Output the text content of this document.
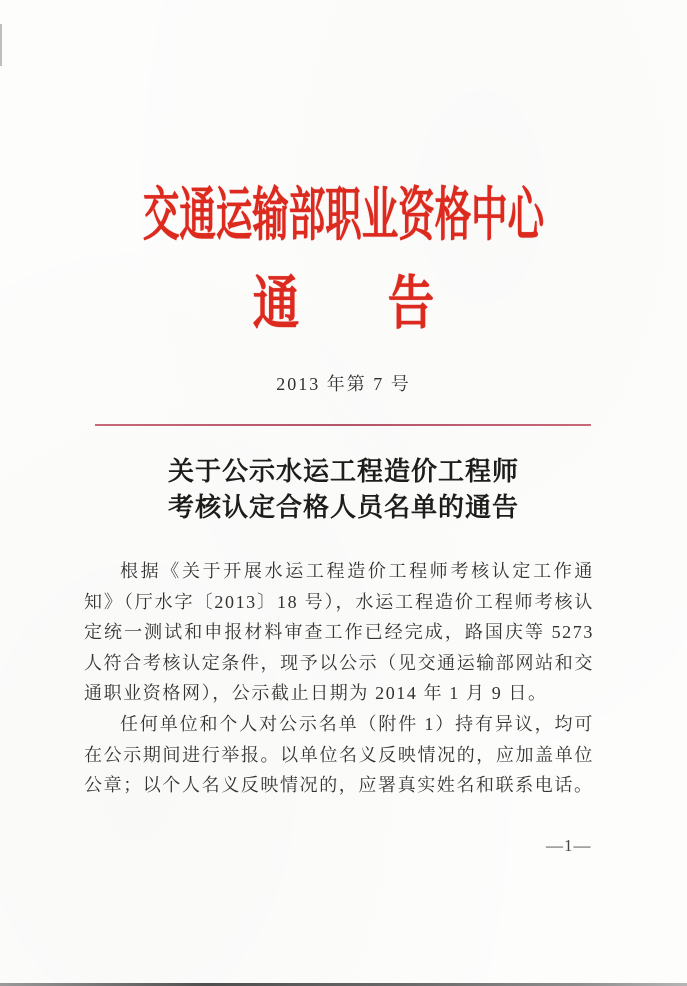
交通运输部职业资格中心
通 告
2013 年第 7 号
关于公示水运工程造价工程师
考核认定合格人员名单的通告

根据《关于开展水运工程造价工程师考核认定工作通知》（厅水字〔2013〕18 号），水运工程造价工程师考核认定统一测试和申报材料审查工作已经完成，路国庆等 5273 人符合考核认定条件，现予以公示（见交通运输部网站和交通职业资格网），公示截止日期为 2014 年 1 月 9 日。

任何单位和个人对公示名单（附件 1）持有异议，均可在公示期间进行举报。以单位名义反映情况的，应加盖单位公章；以个人名义反映情况的，应署真实姓名和联系电话。

—1—
